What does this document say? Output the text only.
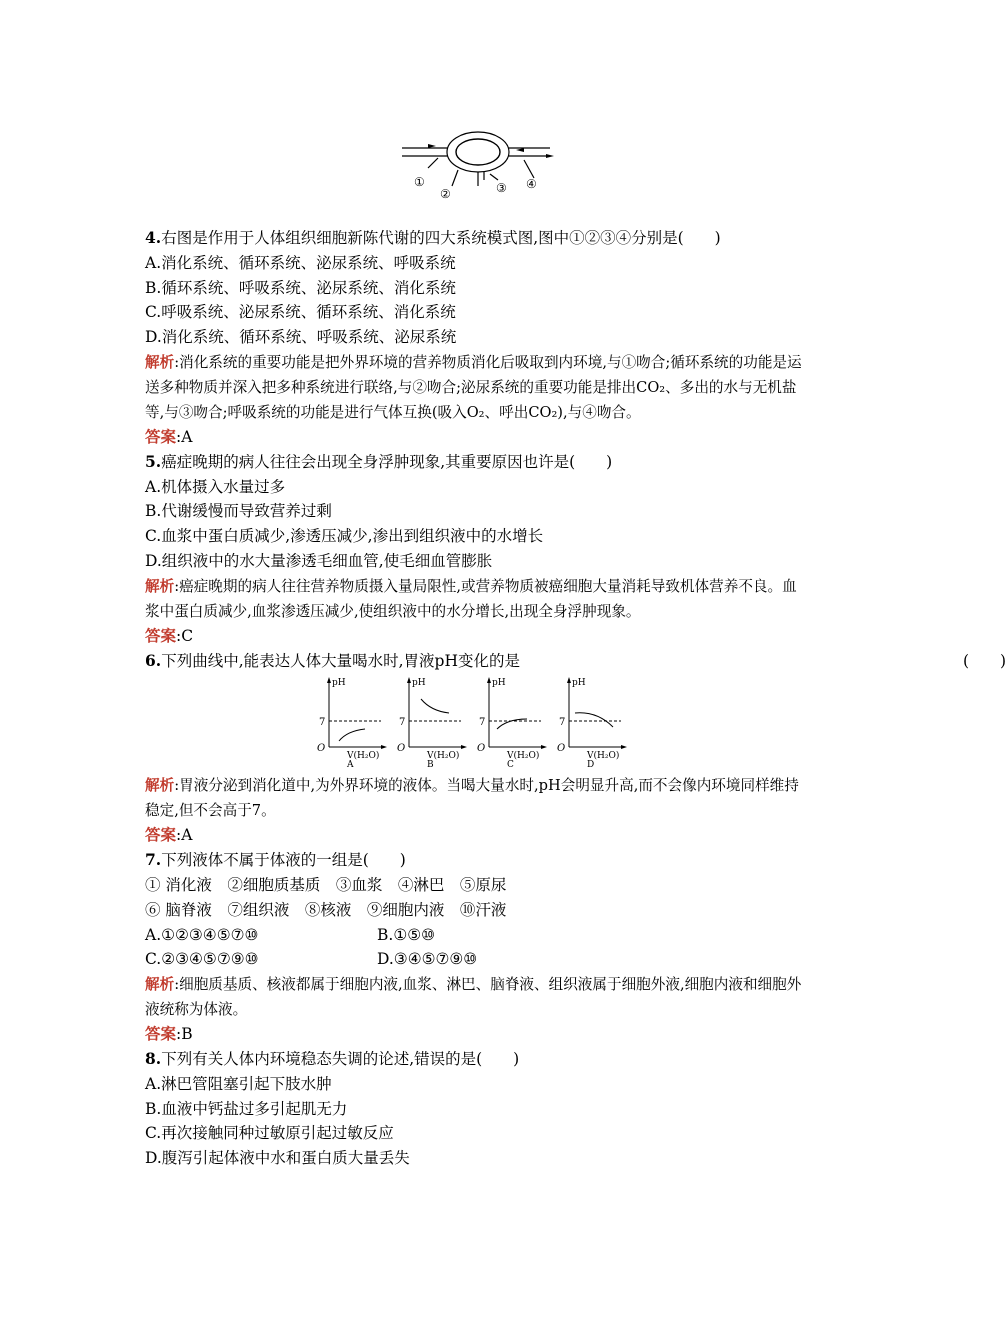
①
②	③ ④
4.右图是作用于人体组织细胞新陈代谢的四大系统模式图,图中①②③④分别是(　　)
A.消化系统、循环系统、泌尿系统、呼吸系统
B.循环系统、呼吸系统、泌尿系统、消化系统
C.呼吸系统、泌尿系统、循环系统、消化系统
D.消化系统、循环系统、呼吸系统、泌尿系统
解析:消化系统的重要功能是把外界环境的营养物质消化后吸取到内环境,与①吻合;循环系统的功能是运送多种物质并深入把多种系统进行联络,与②吻合;泌尿系统的重要功能是排出CO₂、多出的水与无机盐等,与③吻合;呼吸系统的功能是进行气体互换(吸入O₂、呼出CO₂),与④吻合。
答案:A
5.癌症晚期的病人往往会出现全身浮肿现象,其重要原因也许是(　　)
A.机体摄入水量过多
B.代谢缓慢而导致营养过剩
C.血浆中蛋白质减少,渗透压减少,渗出到组织液中的水增长
D.组织液中的水大量渗透毛细血管,使毛细血管膨胀
解析:癌症晚期的病人往往营养物质摄入量局限性,或营养物质被癌细胞大量消耗导致机体营养不良。血浆中蛋白质减少,血浆渗透压减少,使组织液中的水分增长,出现全身浮肿现象。
答案:C
6.下列曲线中,能表达人体大量喝水时,胃液pH变化的是	(　　)
pH
7
O
V(H₂O)
A
pH
7
O
V(H₂O)
B
pH
7
O
V(H₂O)
C
pH
7
O
V(H₂O)
D
解析:胃液分泌到消化道中,为外界环境的液体。当喝大量水时,pH会明显升高,而不会像内环境同样维持稳定,但不会高于7。
答案:A
7.下列液体不属于体液的一组是(　　)
① 消化液　②细胞质基质　③血浆　④淋巴　⑤原尿
⑥ 脑脊液　⑦组织液　⑧核液　⑨细胞内液　⑩汗液
A.①②③④⑤⑦⑩	B.①⑤⑩
C.②③④⑤⑦⑨⑩	D.③④⑤⑦⑨⑩
解析:细胞质基质、核液都属于细胞内液,血浆、淋巴、脑脊液、组织液属于细胞外液,细胞内液和细胞外液统称为体液。
答案:B
8.下列有关人体内环境稳态失调的论述,错误的是(　　)
A.淋巴管阻塞引起下肢水肿
B.血液中钙盐过多引起肌无力
C.再次接触同种过敏原引起过敏反应
D.腹泻引起体液中水和蛋白质大量丢失
